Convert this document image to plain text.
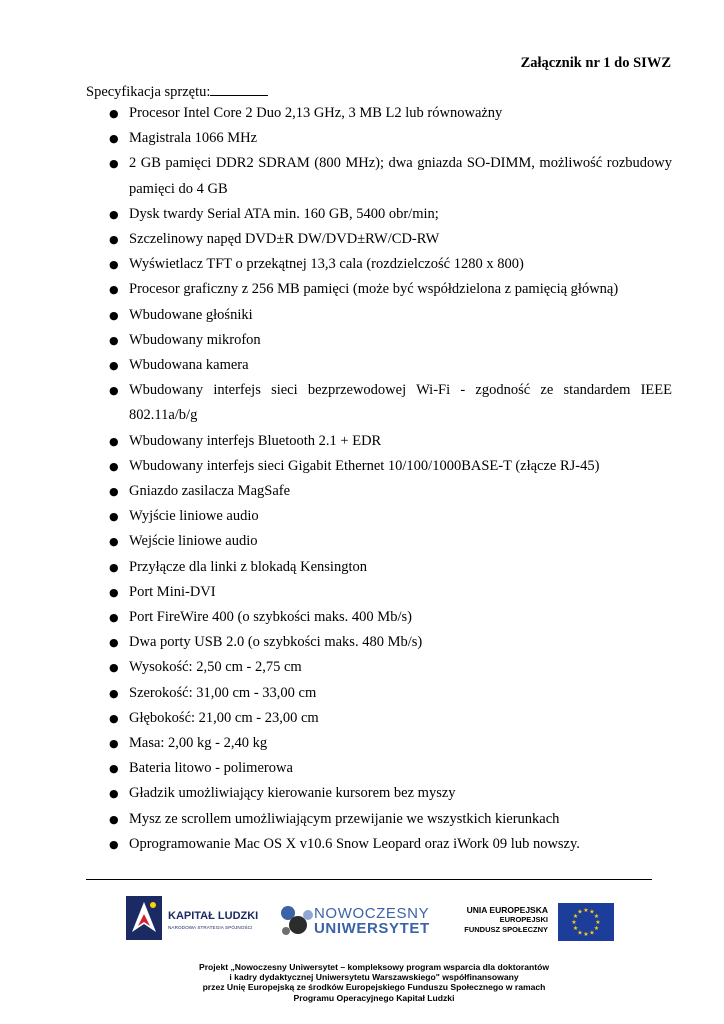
Załącznik nr 1 do SIWZ
Specyfikacja sprzętu:
● Procesor Intel Core 2 Duo 2,13 GHz, 3 MB L2 lub równoważny
● Magistrala 1066 MHz
● 2 GB pamięci DDR2 SDRAM (800 MHz); dwa gniazda SO-DIMM, możliwość rozbudowy pamięci do 4 GB
● Dysk twardy Serial ATA min. 160 GB, 5400 obr/min;
● Szczelinowy napęd DVD±R DW/DVD±RW/CD-RW
● Wyświetlacz TFT o przekątnej 13,3 cala (rozdzielczość 1280 x 800)
● Procesor graficzny z 256 MB pamięci (może być współdzielona z pamięcią główną)
● Wbudowane głośniki
● Wbudowany mikrofon
● Wbudowana kamera
● Wbudowany interfejs sieci bezprzewodowej Wi-Fi - zgodność ze standardem IEEE 802.11a/b/g
● Wbudowany interfejs Bluetooth 2.1 + EDR
● Wbudowany interfejs sieci Gigabit Ethernet 10/100/1000BASE-T (złącze RJ-45)
● Gniazdo zasilacza MagSafe
● Wyjście liniowe audio
● Wejście liniowe audio
● Przyłącze dla linki z blokadą Kensington
● Port Mini-DVI
● Port FireWire 400 (o szybkości maks. 400 Mb/s)
● Dwa porty USB 2.0 (o szybkości maks. 480 Mb/s)
● Wysokość: 2,50 cm - 2,75 cm
● Szerokość: 31,00 cm - 33,00 cm
● Głębokość: 21,00 cm - 23,00 cm
● Masa: 2,00 kg - 2,40 kg
● Bateria litowo - polimerowa
● Gładzik umożliwiający kierowanie kursorem bez myszy
● Mysz ze scrollem umożliwiającym przewijanie we wszystkich kierunkach
● Oprogramowanie Mac OS X v10.6 Snow Leopard oraz iWork 09 lub nowszy.
KAPITAŁ LUDZKI
NARODOWA STRATEGIA SPÓJNOŚCI
NOWOCZESNY
UNIWERSYTET
UNIA EUROPEJSKA
EUROPEJSKI
FUNDUSZ SPOŁECZNY
★
★
★
★
★
★
★
★
★ ★ ★
★
Projekt „Nowoczesny Uniwersytet – kompleksowy program wsparcia dla doktorantów
i kadry dydaktycznej Uniwersytetu Warszawskiego" współfinansowany
przez Unię Europejską ze środków Europejskiego Funduszu Społecznego w ramach
Programu Operacyjnego Kapitał Ludzki
